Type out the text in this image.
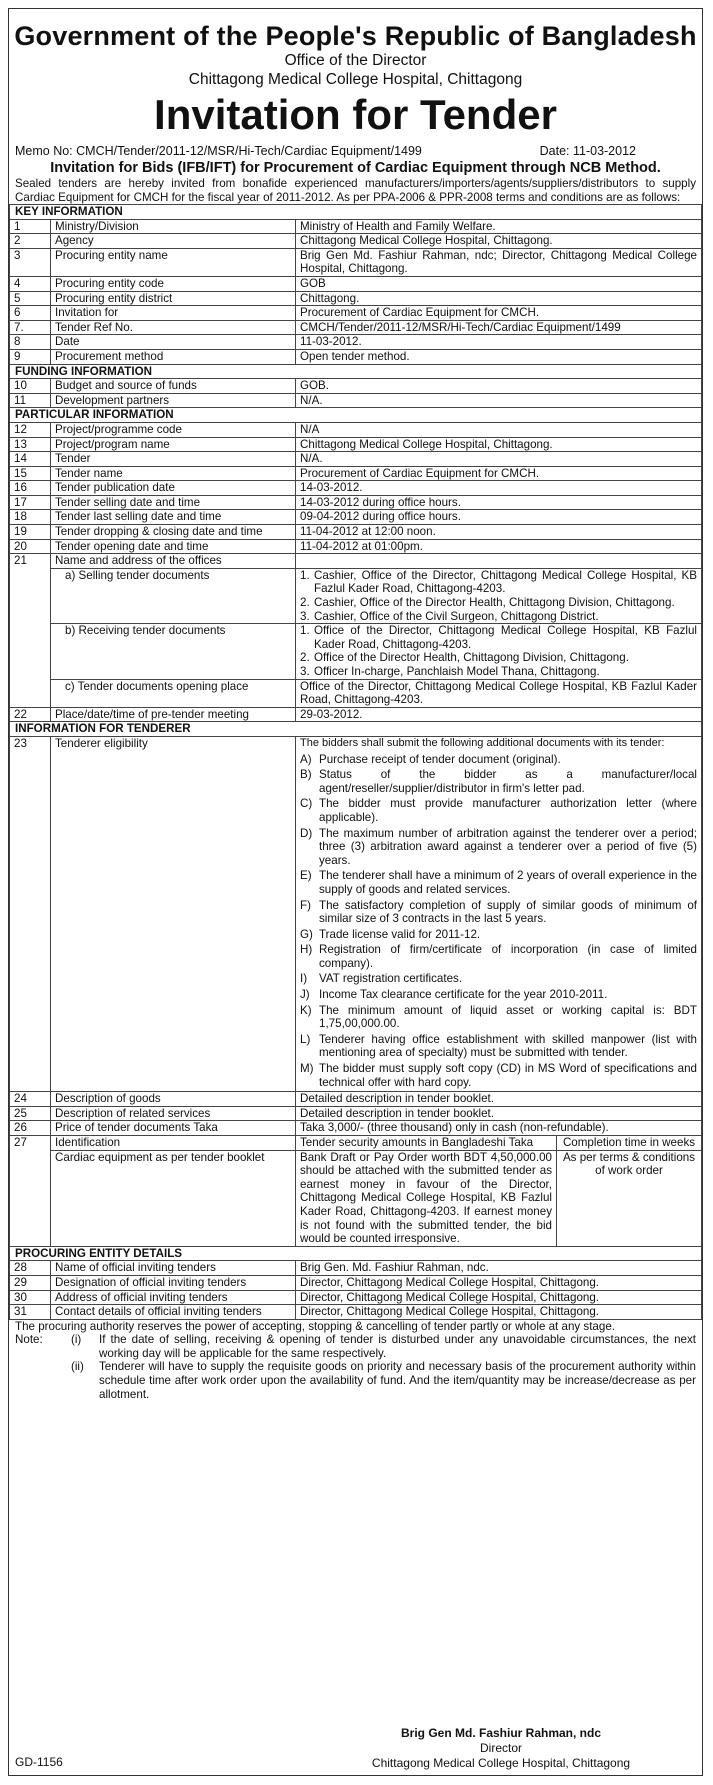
Government of the People's Republic of Bangladesh
Office of the Director
Chittagong Medical College Hospital, Chittagong
Invitation for Tender
Memo No: CMCH/Tender/2011-12/MSR/Hi-Tech/Cardiac Equipment/1499	Date: 11-03-2012
Invitation for Bids (IFB/IFT) for Procurement of Cardiac Equipment through NCB Method.
Sealed tenders are hereby invited from bonafide experienced manufacturers/importers/agents/suppliers/distributors to supply Cardiac Equipment for CMCH for the fiscal year of 2011-2012. As per PPA-2006 & PPR-2008 terms and conditions are as follows:
KEY INFORMATION
1	Ministry/Division	Ministry of Health and Family Welfare.
2	Agency	Chittagong Medical College Hospital, Chittagong.
3	Procuring entity name	Brig Gen Md. Fashiur Rahman, ndc; Director, Chittagong Medical College Hospital, Chittagong.
4	Procuring entity code	GOB
5	Procuring entity district	Chittagong.
6	Invitation for	Procurement of Cardiac Equipment for CMCH.
7.	Tender Ref No.	CMCH/Tender/2011-12/MSR/Hi-Tech/Cardiac Equipment/1499
8	Date	11-03-2012.
9	Procurement method	Open tender method.
FUNDING INFORMATION
10	Budget and source of funds	GOB.
11	Development partners	N/A.
PARTICULAR INFORMATION
12	Project/programme code	N/A
13	Project/program name	Chittagong Medical College Hospital, Chittagong.
14	Tender	N/A.
15	Tender name	Procurement of Cardiac Equipment for CMCH.
16	Tender publication date	14-03-2012.
17	Tender selling date and time	14-03-2012 during office hours.
18	Tender last selling date and time	09-04-2012 during office hours.
19	Tender dropping & closing date and time	11-04-2012 at 12:00 noon.
20	Tender opening date and time	11-04-2012 at 01:00pm.
21	Name and address of the offices	
a) Selling tender documents	1. Cashier, Office of the Director, Chittagong Medical College Hospital, KB Fazlul Kader Road, Chittagong-4203.
2. Cashier, Office of the Director Health, Chittagong Division, Chittagong.
3. Cashier, Office of the Civil Surgeon, Chittagong District.

b) Receiving tender documents	1. Office of the Director, Chittagong Medical College Hospital, KB Fazlul Kader Road, Chittagong-4203.
2. Office of the Director Health, Chittagong Division, Chittagong.
3. Officer In-charge, Panchlaish Model Thana, Chittagong.

c) Tender documents opening place	Office of the Director, Chittagong Medical College Hospital, KB Fazlul Kader Road, Chittagong-4203.
22	Place/date/time of pre-tender meeting	29-03-2012.
INFORMATION FOR TENDERER
23	Tenderer eligibility	The bidders shall submit the following additional documents with its tender:
A) Purchase receipt of tender document (original).
B) Status of the bidder as a manufacturer/local agent/reseller/supplier/distributor in firm's letter pad.
C) The bidder must provide manufacturer authorization letter (where applicable).
D) The maximum number of arbitration against the tenderer over a period; three (3) arbitration award against a tenderer over a period of five (5) years.
E) The tenderer shall have a minimum of 2 years of overall experience in the supply of goods and related services.
F) The satisfactory completion of supply of similar goods of minimum of similar size of 3 contracts in the last 5 years.
G) Trade license valid for 2011-12.
H) Registration of firm/certificate of incorporation (in case of limited company).
I)	VAT registration certificates.
J) Income Tax clearance certificate for the year 2010-2011.
K) The minimum amount of liquid asset or working capital is: BDT 1,75,00,000.00.
L) Tenderer having office establishment with skilled manpower (list with mentioning area of specialty) must be submitted with tender.
M) The bidder must supply soft copy (CD) in MS Word of specifications and technical offer with hard copy.

24	Description of goods	Detailed description in tender booklet.
25	Description of related services	Detailed description in tender booklet.
26	Price of tender documents Taka	Taka 3,000/- (three thousand) only in cash (non-refundable).
27	Identification		Tender security amounts in Bangladeshi Taka	Completion time in weeks

Cardiac equipment as per tender booklet		Bank Draft or Pay Order worth BDT 4,50,000.00 should be attached with the submitted tender as earnest money in favour of the Director, Chittagong Medical College Hospital, KB Fazlul Kader Road, Chittagong-4203. If earnest money is not found with the submitted tender, the bid would be counted irresponsive.	As per terms & conditions of work order

PROCURING ENTITY DETAILS
28	Name of official inviting tenders	Brig Gen. Md. Fashiur Rahman, ndc.
29	Designation of official inviting tenders	Director, Chittagong Medical College Hospital, Chittagong.
30	Address of official inviting tenders	Director, Chittagong Medical College Hospital, Chittagong.
31	Contact details of official inviting tenders	Director, Chittagong Medical College Hospital, Chittagong.
The procuring authority reserves the power of accepting, stopping & cancelling of tender partly or whole at any stage.
Note:	(i)	If the date of selling, receiving & opening of tender is disturbed under any unavoidable circumstances, the next working day will be applicable for the same respectively.
(ii)	Tenderer will have to supply the requisite goods on priority and necessary basis of the procurement authority within schedule time after work order upon the availability of fund. And the item/quantity may be increase/decrease as per allotment.
Brig Gen Md. Fashiur Rahman, ndc
Director
Chittagong Medical College Hospital, Chittagong
GD-1156
